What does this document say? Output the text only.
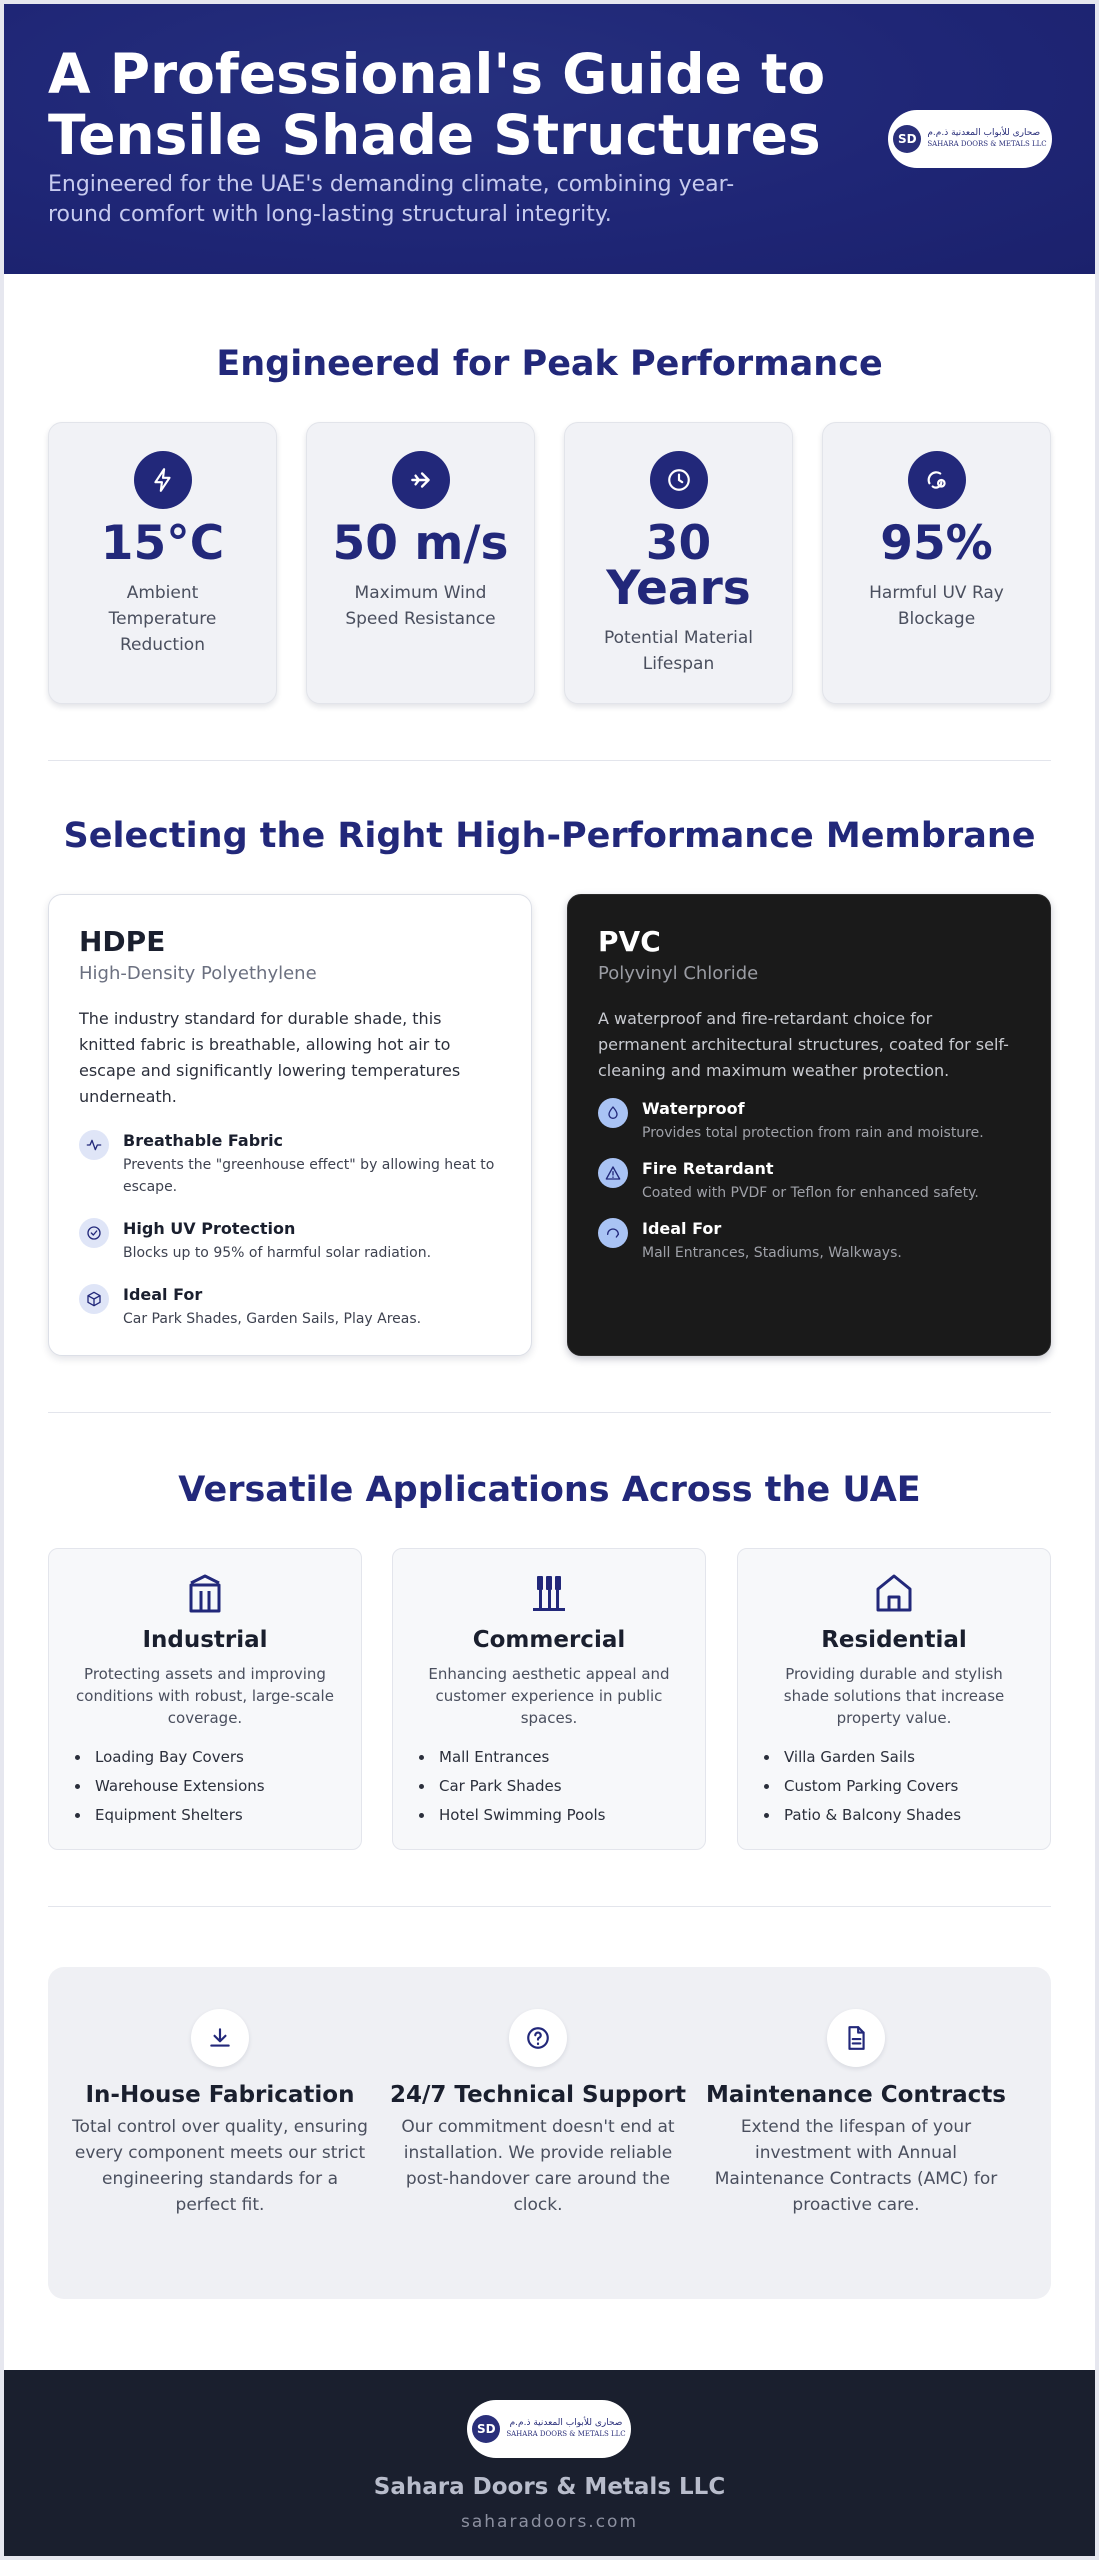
A Professional's Guide to Tensile Shade Structures

Engineered for the UAE's demanding climate, combining year-round comfort with long-lasting structural integrity.

SD	صحارى للأبواب المعدنية ذ.م.م
SAHARA DOORS & METALS LLC
Engineered for Peak Performance
15°C
Ambient Temperature Reduction
50 m/s
Maximum Wind Speed Resistance
30 Years
Potential Material Lifespan
95%
Harmful UV Ray Blockage
Selecting the Right High-Performance Membrane
HDPE
High-Density Polyethylene
The industry standard for durable shade, this knitted fabric is breathable, allowing hot air to escape and significantly lowering temperatures underneath.
Breathable Fabric
Prevents the "greenhouse effect" by allowing heat to escape.
High UV Protection
Blocks up to 95% of harmful solar radiation.
Ideal For
Car Park Shades, Garden Sails, Play Areas.
PVC
Polyvinyl Chloride
A waterproof and fire-retardant choice for permanent architectural structures, coated for self-cleaning and maximum weather protection.
Waterproof
Provides total protection from rain and moisture.
Fire Retardant
Coated with PVDF or Teflon for enhanced safety.
Ideal For
Mall Entrances, Stadiums, Walkways.
Versatile Applications Across the UAE
Industrial
Protecting assets and improving conditions with robust, large-scale coverage.
• Loading Bay Covers
• Warehouse Extensions
• Equipment Shelters
Commercial
Enhancing aesthetic appeal and customer experience in public spaces.
• Mall Entrances
• Car Park Shades
• Hotel Swimming Pools
Residential
Providing durable and stylish shade solutions that increase property value.
• Villa Garden Sails
• Custom Parking Covers
• Patio & Balcony Shades
In-House Fabrication

Total control over quality, ensuring every component meets our strict engineering standards for a perfect fit.

24/7 Technical Support

Our commitment doesn't end at installation. We provide reliable post-handover care around the clock.

Maintenance Contracts

Extend the lifespan of your investment with Annual Maintenance Contracts (AMC) for proactive care.

SD	صحارى للأبواب المعدنية ذ.م.م
SAHARA DOORS & METALS LLC
Sahara Doors & Metals LLC
saharadoors.com
